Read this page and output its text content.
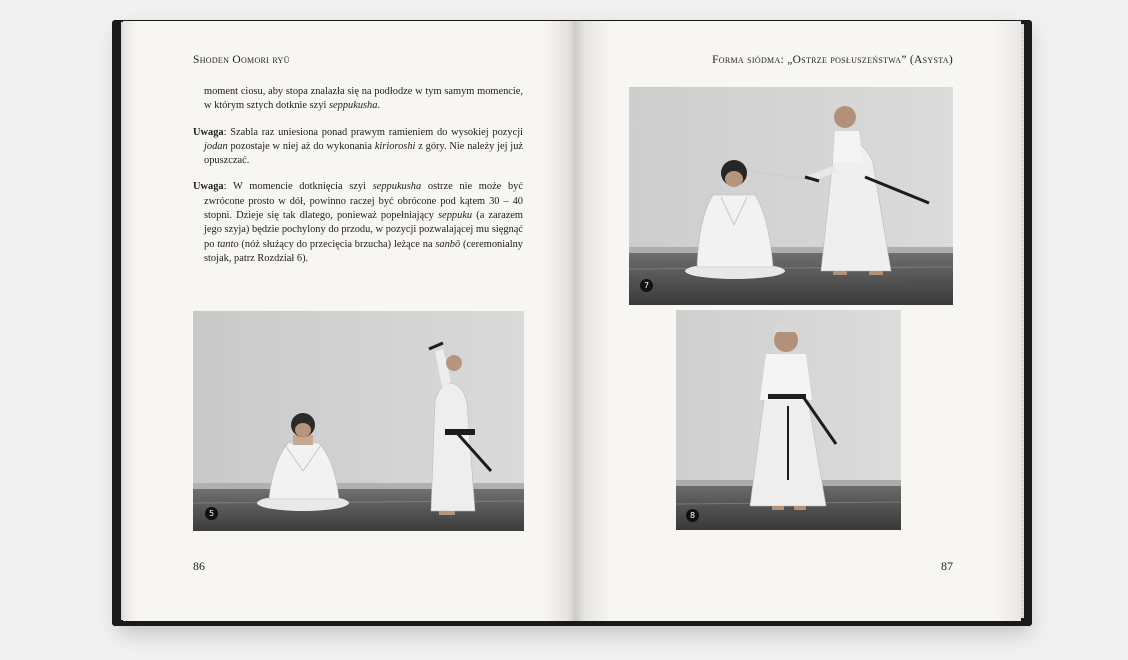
Shoden Oomori ryū

moment ciosu, aby stopa znalazła się na podłodze w tym samym momencie, w którym sztych dotknie szyi seppukusha.

Uwaga: Szabla raz uniesiona ponad prawym ramieniem do wysokiej pozycji jodan pozostaje w niej aż do wykonania kirioroshi z góry. Nie należy jej już opuszczać.

Uwaga: W momencie dotknięcia szyi seppukusha ostrze nie może być zwrócone prosto w dół, powinno raczej być obrócone pod kątem 30 – 40 stopni. Dzieje się tak dlatego, ponieważ popełniający seppuku (a zarazem jego szyja) będzie pochylony do przodu, w pozycji pozwalającej mu sięgnąć po tanto (nóż służący do przecięcia brzucha) leżące na sanbō (ceremonialny stojak, patrz Rozdział 6).

5
86
Forma siódma: „Ostrze posłuszeństwa” (Asysta)
7
8
87
